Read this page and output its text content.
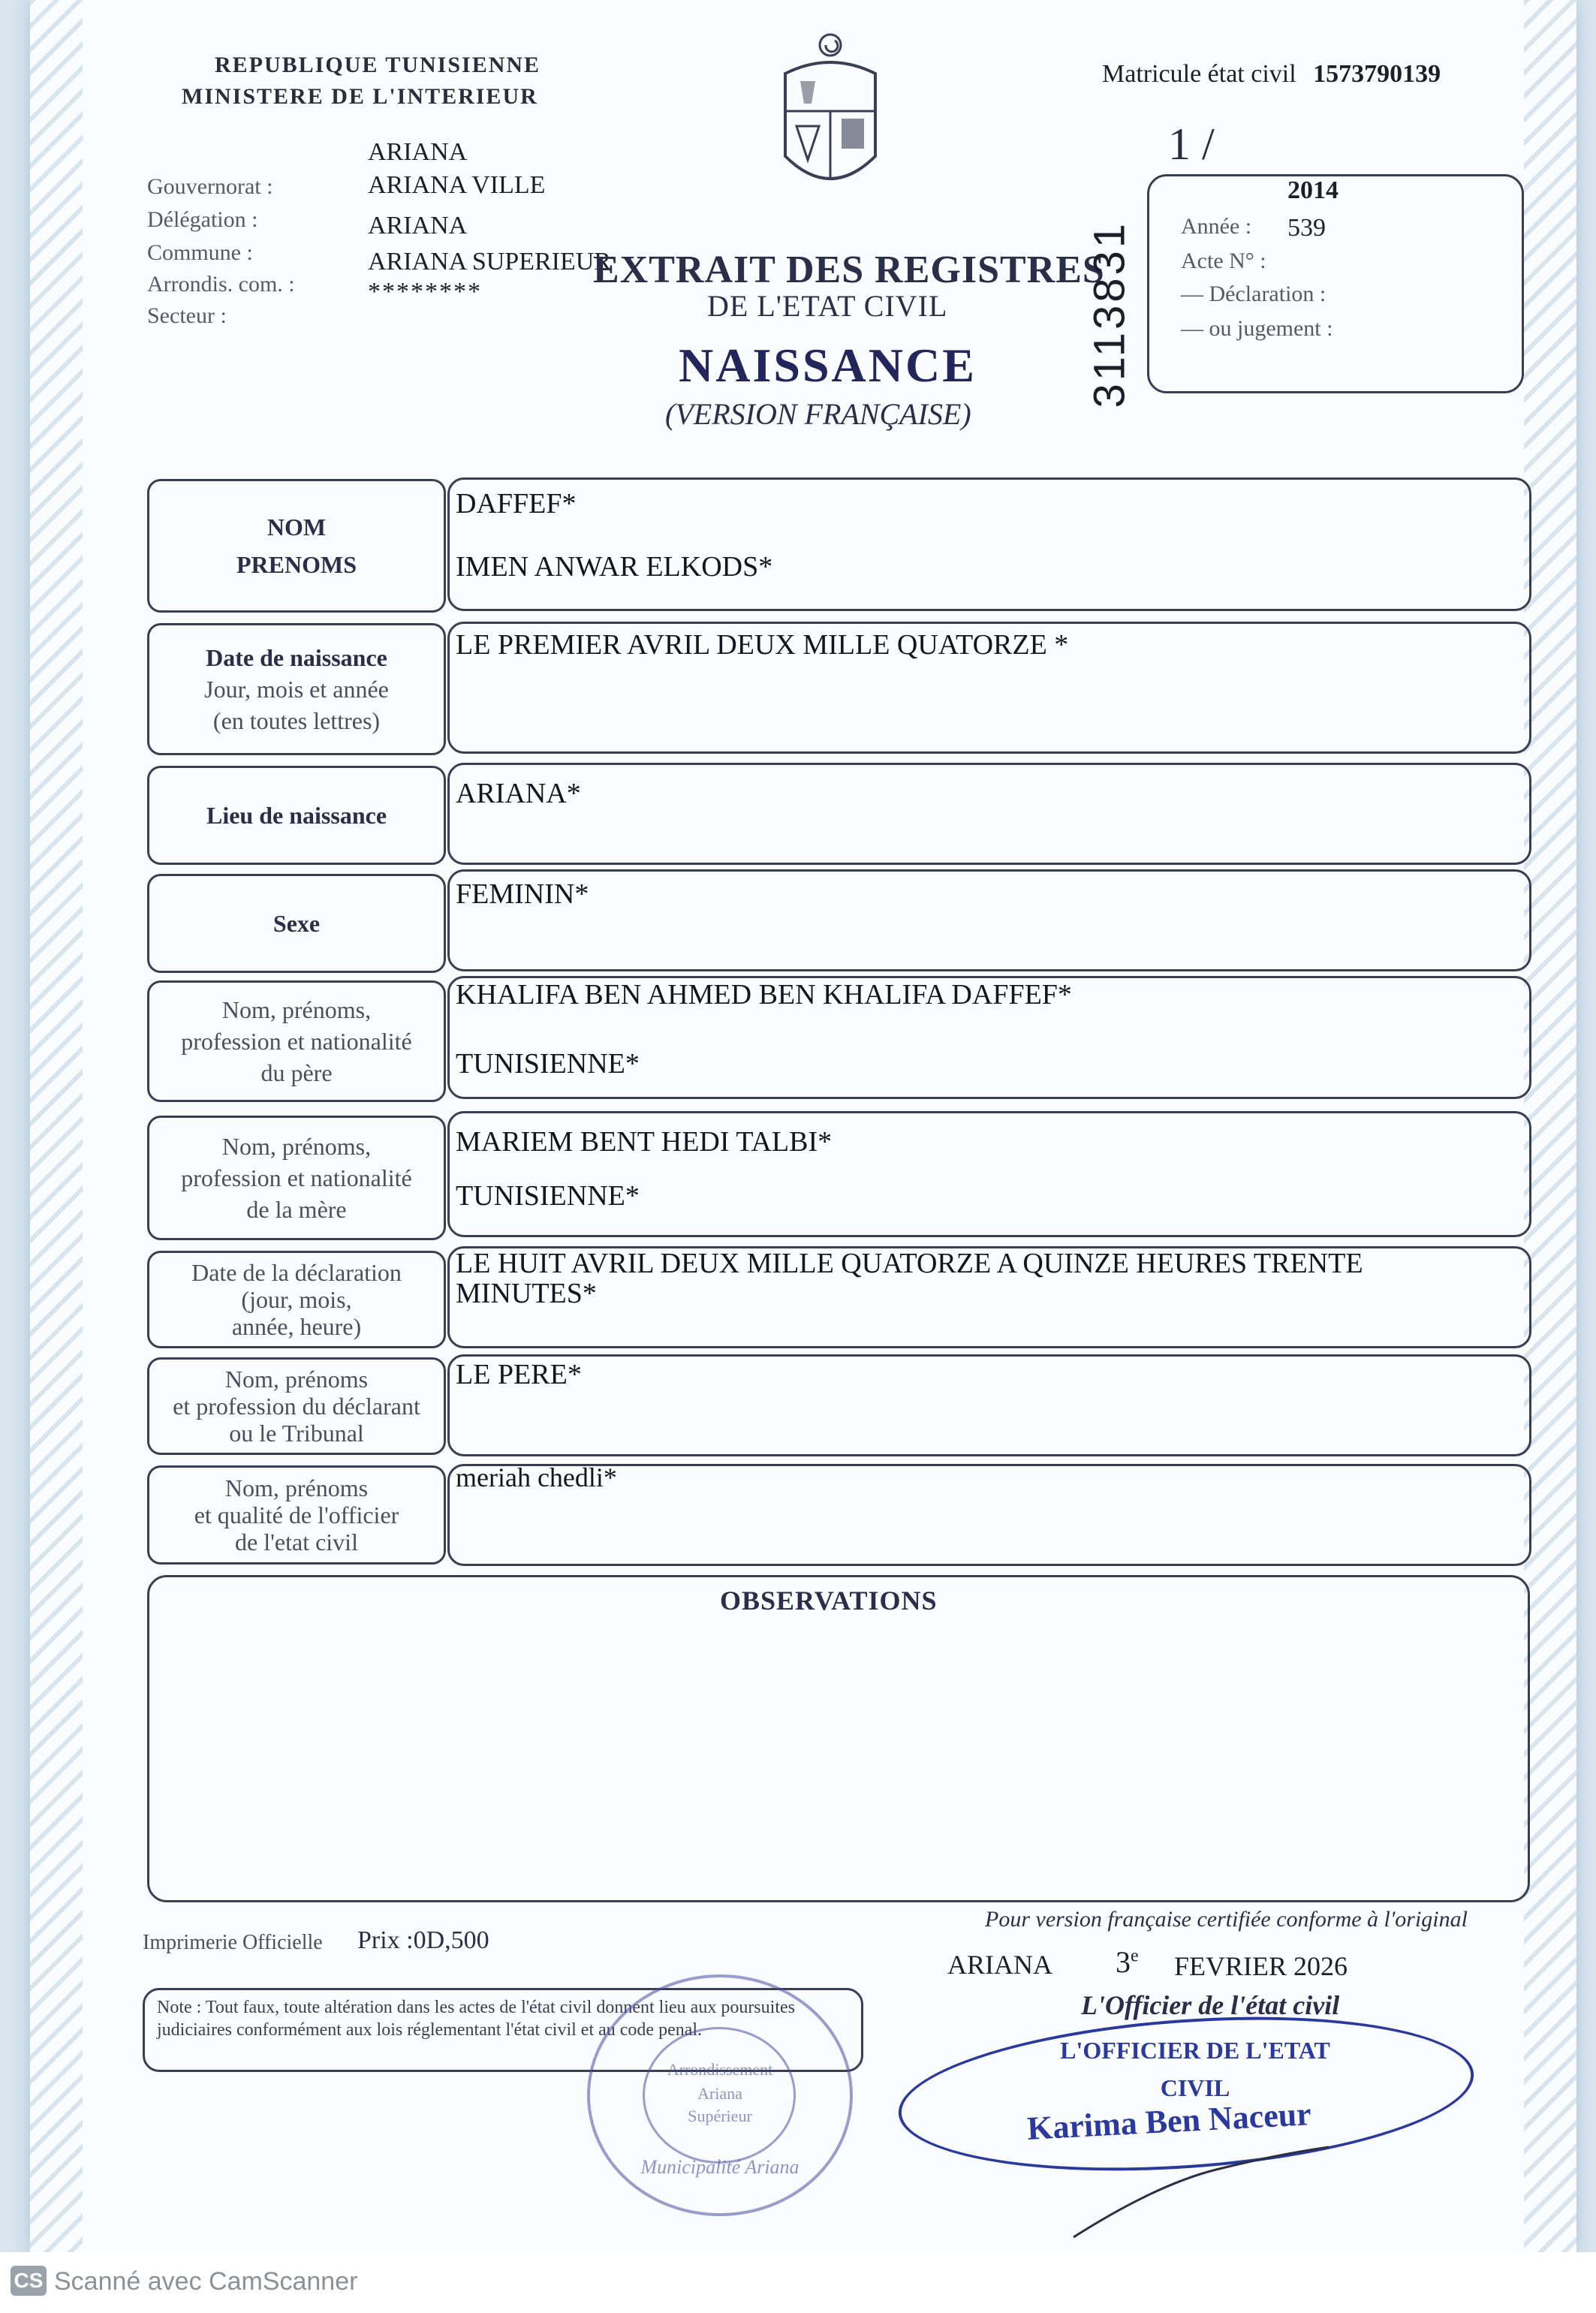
REPUBLIQUE TUNISIENNE
MINISTERE DE L'INTERIEUR
Matricule état civil 1573790139
1 /
Gouvernorat :
Délégation :
Commune :
Arrondis. com. :
Secteur :
ARIANA
ARIANA VILLE
ARIANA
ARIANA SUPERIEUR
********
EXTRAIT DES REGISTRES
DE L'ETAT CIVIL
NAISSANCE
(VERSION FRANÇAISE)
3113831
2014
Année : 539
Acte N° :
— Déclaration :
— ou jugement :
NOM
PRENOMS
DAFFEF*
IMEN ANWAR ELKODS*
Date de naissance
Jour, mois et année
(en toutes lettres)
LE PREMIER AVRIL DEUX MILLE QUATORZE *
Lieu de naissance
ARIANA*
Sexe
FEMININ*
Nom, prénoms,
profession et nationalité
du père
KHALIFA BEN AHMED BEN KHALIFA DAFFEF*
TUNISIENNE*
Nom, prénoms,
profession et nationalité
de la mère
MARIEM BENT HEDI TALBI*
TUNISIENNE*
Date de la déclaration
(jour, mois,
année, heure)
LE HUIT AVRIL DEUX MILLE QUATORZE A QUINZE HEURES TRENTE
MINUTES*
Nom, prénoms
et profession du déclarant
ou le Tribunal
LE PERE*
Nom, prénoms
et qualité de l'officier
de l'etat civil
meriah chedli*
OBSERVATIONS
Imprimerie Officielle Prix :0D,500
Note : Tout faux, toute altération dans les actes de l'état civil donnent lieu aux poursuites judiciaires conformément aux lois réglementant l'état civil et au code penal.
Municipalité Ariana
Arrondissement
Ariana
Supérieur
Pour version française certifiée conforme à l'original
ARIANA 3e FEVRIER 2026
L'Officier de l'état civil
L'OFFICIER DE L'ETAT CIVIL
Karima Ben Naceur
CS Scanné avec CamScanner
